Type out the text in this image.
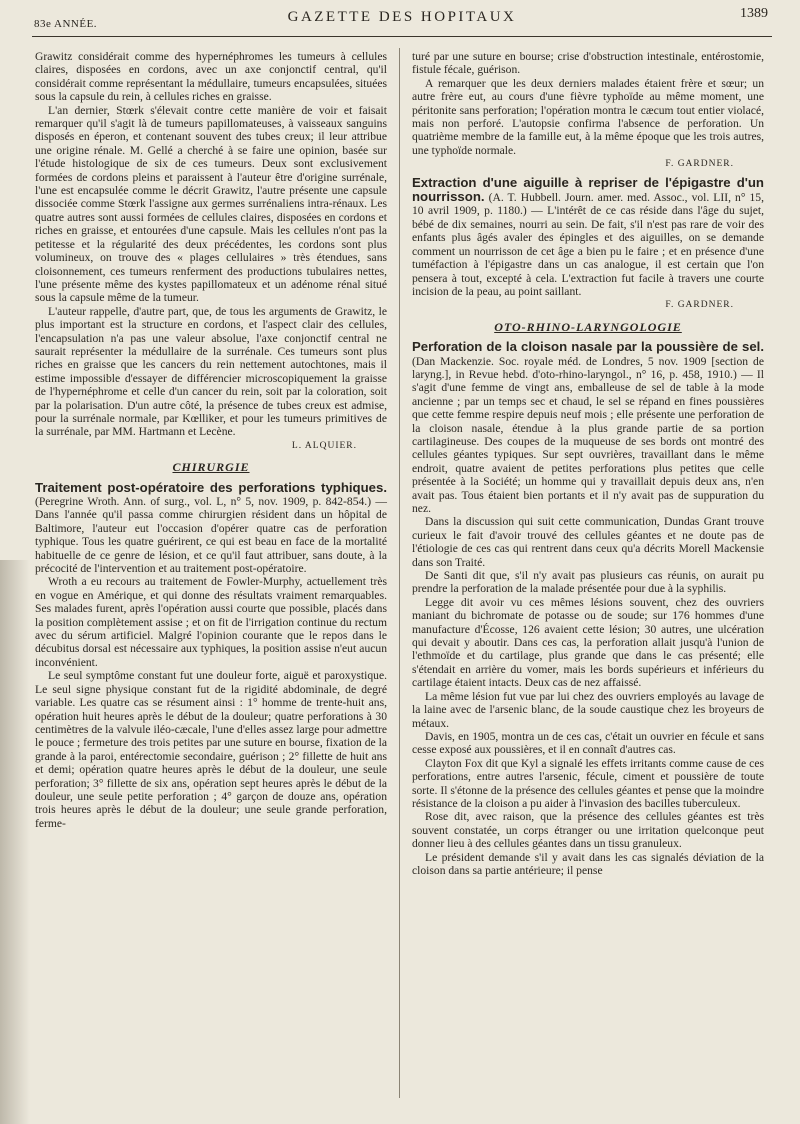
83e ANNÉE.	GAZETTE DES HOPITAUX	1389

Grawitz considérait comme des hypernéphromes les tumeurs à cellules claires, disposées en cordons, avec un axe conjonctif central, qu'il considérait comme représentant la médullaire, tumeurs encapsulées, situées sous la capsule du rein, à cellules riches en graisse.

L'an dernier, Stœrk s'élevait contre cette manière de voir et faisait remarquer qu'il s'agit là de tumeurs papillomateuses, à vaisseaux sanguins disposés en éperon, et contenant souvent des tubes creux; il leur attribue une origine rénale. M. Gellé a cherché à se faire une opinion, basée sur l'étude histologique de six de ces tumeurs. Deux sont exclusivement formées de cordons pleins et paraissent à l'auteur être d'origine surrénale, l'une est encapsulée comme le décrit Grawitz, l'autre présente une capsule dissociée comme Stœrk l'assigne aux germes surrénaliens intra-rénaux. Les quatre autres sont aussi formées de cellules claires, disposées en cordons et riches en graisse, et entourées d'une capsule. Mais les cellules n'ont pas la petitesse et la régularité des deux précédentes, les cordons sont plus volumineux, on trouve des « plages cellulaires » très étendues, sans cloisonnement, ces tumeurs renferment des productions tubulaires nettes, l'une présente même des kystes papillomateux et un adénome rénal situé sous la capsule même de la tumeur.

L'auteur rappelle, d'autre part, que, de tous les arguments de Grawitz, le plus important est la structure en cordons, et l'aspect clair des cellules, l'encapsulation n'a pas une valeur absolue, l'axe conjonctif central ne saurait représenter la médullaire de la surrénale. Ces tumeurs sont plus riches en graisse que les cancers du rein nettement autochtones, mais il estime impossible d'essayer de différencier microscopiquement la graisse de l'hypernéphrome et celle d'un cancer du rein, soit par la coloration, soit par la polarisation. D'un autre côté, la présence de tubes creux est admise, pour la surrénale normale, par Kœlliker, et pour les tumeurs primitives de la surrénale, par MM. Hartmann et Lecène.

L. ALQUIER.
CHIRURGIE

Traitement post-opératoire des perforations typhiques. (Peregrine Wroth. Ann. of surg., vol. L, n° 5, nov. 1909, p. 842-854.) — Dans l'année qu'il passa comme chirurgien résident dans un hôpital de Baltimore, l'auteur eut l'occasion d'opérer quatre cas de perforation typhique. Tous les quatre guérirent, ce qui est beau en face de la mortalité habituelle de ce genre de lésion, et ce qu'il faut attribuer, sans doute, à la précocité de l'intervention et au traitement post-opératoire.

Wroth a eu recours au traitement de Fowler-Murphy, actuellement très en vogue en Amérique, et qui donne des résultats vraiment remarquables. Ses malades furent, après l'opération aussi courte que possible, placés dans la position complètement assise ; et on fit de l'irrigation continue du rectum avec du sérum artificiel. Malgré l'opinion courante que le repos dans le décubitus dorsal est nécessaire aux typhiques, la position assise n'eut aucun inconvénient.

Le seul symptôme constant fut une douleur forte, aiguë et paroxystique. Le seul signe physique constant fut de la rigidité abdominale, de degré variable. Les quatre cas se résument ainsi : 1° homme de trente-huit ans, opération huit heures après le début de la douleur; quatre perforations à 30 centimètres de la valvule iléo-cæcale, l'une d'elles assez large pour admettre le pouce ; fermeture des trois petites par une suture en bourse, fixation de la grande à la paroi, entérectomie secondaire, guérison ; 2° fillette de huit ans et demi; opération quatre heures après le début de la douleur, une seule perforation; 3° fillette de six ans, opération sept heures après le début de la douleur, une seule petite perforation ; 4° garçon de douze ans, opération trois heures après le début de la douleur; une seule grande perforation, ferme-

turé par une suture en bourse; crise d'obstruction intestinale, entérostomie, fistule fécale, guérison.

A remarquer que les deux derniers malades étaient frère et sœur; un autre frère eut, au cours d'une fièvre typhoïde au même moment, une péritonite sans perforation; l'opération montra le cæcum tout entier violacé, mais non perforé. L'autopsie confirma l'absence de perforation. Un quatrième membre de la famille eut, à la même époque que les trois autres, une typhoïde normale.

F. GARDNER.

Extraction d'une aiguille à repriser de l'épigastre d'un nourrisson. (A. T. Hubbell. Journ. amer. med. Assoc., vol. LII, n° 15, 10 avril 1909, p. 1180.) — L'intérêt de ce cas réside dans l'âge du sujet, bébé de dix semaines, nourri au sein. De fait, s'il n'est pas rare de voir des enfants plus âgés avaler des épingles et des aiguilles, on se demande comment un nourrisson de cet âge a bien pu le faire ; et en présence d'une tuméfaction à l'épigastre dans un cas analogue, il est certain que l'on pensera à tout, excepté à cela. L'extraction fut facile à travers une courte incision de la peau, au point saillant.

F. GARDNER.
OTO-RHINO-LARYNGOLOGIE

Perforation de la cloison nasale par la poussière de sel. (Dan Mackenzie. Soc. royale méd. de Londres, 5 nov. 1909 [section de laryng.], in Revue hebd. d'oto-rhino-laryngol., n° 16, p. 458, 1910.) — Il s'agit d'une femme de vingt ans, emballeuse de sel de table à la mode ancienne ; par un temps sec et chaud, le sel se répand en fines poussières que cette femme respire depuis neuf mois ; elle présente une perforation de la cloison nasale, étendue à la plus grande partie de sa portion cartilagineuse. Des coupes de la muqueuse de ses bords ont montré des cellules géantes typiques. Sur sept ouvrières, travaillant dans le même endroit, quatre avaient de petites perforations plus petites que celle présentée à la Société; un homme qui y travaillait depuis deux ans, n'en avait pas. Tous étaient bien portants et il n'y avait pas de suppuration du nez.

Dans la discussion qui suit cette communication, Dundas Grant trouve curieux le fait d'avoir trouvé des cellules géantes et ne doute pas de l'étiologie de ces cas qui rentrent dans ceux qu'a décrits Morell Mackensie dans son Traité.

De Santi dit que, s'il n'y avait pas plusieurs cas réunis, on aurait pu prendre la perforation de la malade présentée pour due à la syphilis.

Legge dit avoir vu ces mêmes lésions souvent, chez des ouvriers maniant du bichromate de potasse ou de soude; sur 176 hommes d'une manufacture d'Écosse, 126 avaient cette lésion; 30 autres, une ulcération qui devait y aboutir. Dans ces cas, la perforation allait jusqu'à l'union de l'ethmoïde et du cartilage, plus grande que dans le cas présenté; elle s'étendait en arrière du vomer, mais les bords supérieurs et inférieurs du cartilage étaient intacts. Deux cas de nez affaissé.

La même lésion fut vue par lui chez des ouvriers employés au lavage de la laine avec de l'arsenic blanc, de la soude caustique chez les broyeurs de métaux.

Davis, en 1905, montra un de ces cas, c'était un ouvrier en fécule et sans cesse exposé aux poussières, et il en connaît d'autres cas.

Clayton Fox dit que Kyl a signalé les effets irritants comme cause de ces perforations, entre autres l'arsenic, fécule, ciment et poussière de toute sorte. Il s'étonne de la présence des cellules géantes et pense que la moindre résistance de la cloison a pu aider à l'invasion des bacilles tuberculeux.

Rose dit, avec raison, que la présence des cellules géantes est très souvent constatée, un corps étranger ou une irritation quelconque peut donner lieu à des cellules géantes dans un tissu granuleux.

Le président demande s'il y avait dans les cas signalés déviation de la cloison dans sa partie antérieure; il pense
